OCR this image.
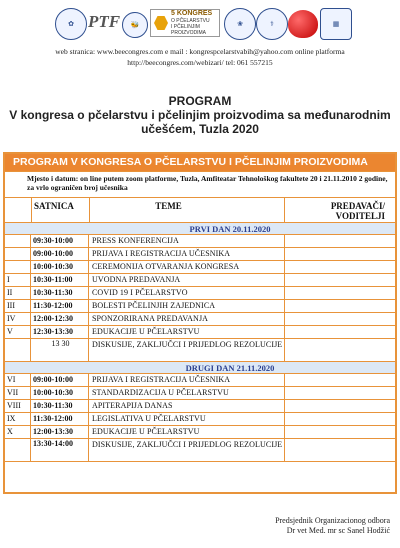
✿ PTF	🐝
5 KONGRES
O PČELARSTVU
I PČELINJIM PROIZVODIMA
❀	⚕	▦
web stranica: www.beecongres.com e mail : kongrespcelarstvabih@yahoo.com online platforma
http://beecongres.com/webizari/ tel: 061 557215
PROGRAM
V kongresa o pčelarstvu i pčelinjim proizvodima sa međunarodnim
učešćem, Tuzla 2020
PROGRAM V KONGRESA O PČELARSTVU I PČELINJIM PROIZVODIMA
Mjesto i datum: on line putem zoom platforme, Tuzla, Amfiteatar Tehnološkog fakultete 20 i 21.11.2010 2 godine, za vrlo ograničen broj učesnika
SATNICA	TEME	PREDAVAČI/
VODITELJI
PRVI DAN 20.11.2020
09:30-10:00	PRESS KONFERENCIJA
09:00-10:00	PRIJAVA I REGISTRACIJA UČESNIKA
10:00-10:30	CEREMONIJA OTVARANJA KONGRESA
I	10:30-11:00	UVODNA PREDAVANJA
II	10:30-11:30	COVID 19 I PČELARSTVO
III	11:30-12:00	BOLESTI PČELINJIH ZAJEDNICA
IV	12:00-12:30	SPONZORIRANA PREDAVANJA
V	12:30-13:30	EDUKACIJE U PČELARSTVU
13 30	DISKUSIJE, ZAKLJUČCI I PRIJEDLOG REZOLUCIJE
DRUGI DAN 21.11.2020
VI	09:00-10:00	PRIJAVA I REGISTRACIJA UČESNIKA
VII	10:00-10:30	STANDARDIZACIJA U PČELARSTVU
VIII	10:30-11:30	APITERAPIJA DANAS
IX	11:30-12:00	LEGISLATIVA U PČELARSTVU
X	12:00-13:30	EDUKACIJE U PČELARSTVU
13:30-14:00	DISKUSIJE, ZAKLJUČCI I PRIJEDLOG REZOLUCIJE
Predsjednik Organizacionog odbora
Dr vet Med. mr sc Sanel Hodžić
